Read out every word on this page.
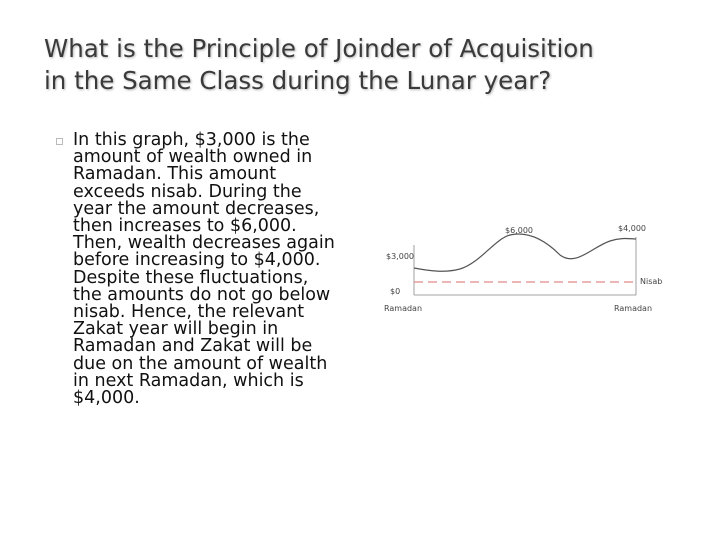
What is the Principle of Joinder of Acquisition
in the Same Class during the Lunar year?
In this graph, $3,000 is the
amount of wealth owned in
Ramadan. This amount
exceeds nisab. During the
year the amount decreases,
then increases to $6,000.
Then, wealth decreases again
before increasing to $4,000.
Despite these fluctuations,
the amounts do not go below
nisab. Hence, the relevant
Zakat year will begin in
Ramadan and Zakat will be
due on the amount of wealth
in next Ramadan, which is
$4,000.
$3,000
$0
$6,000	$4,000
Nisab
Ramadan	Ramadan
